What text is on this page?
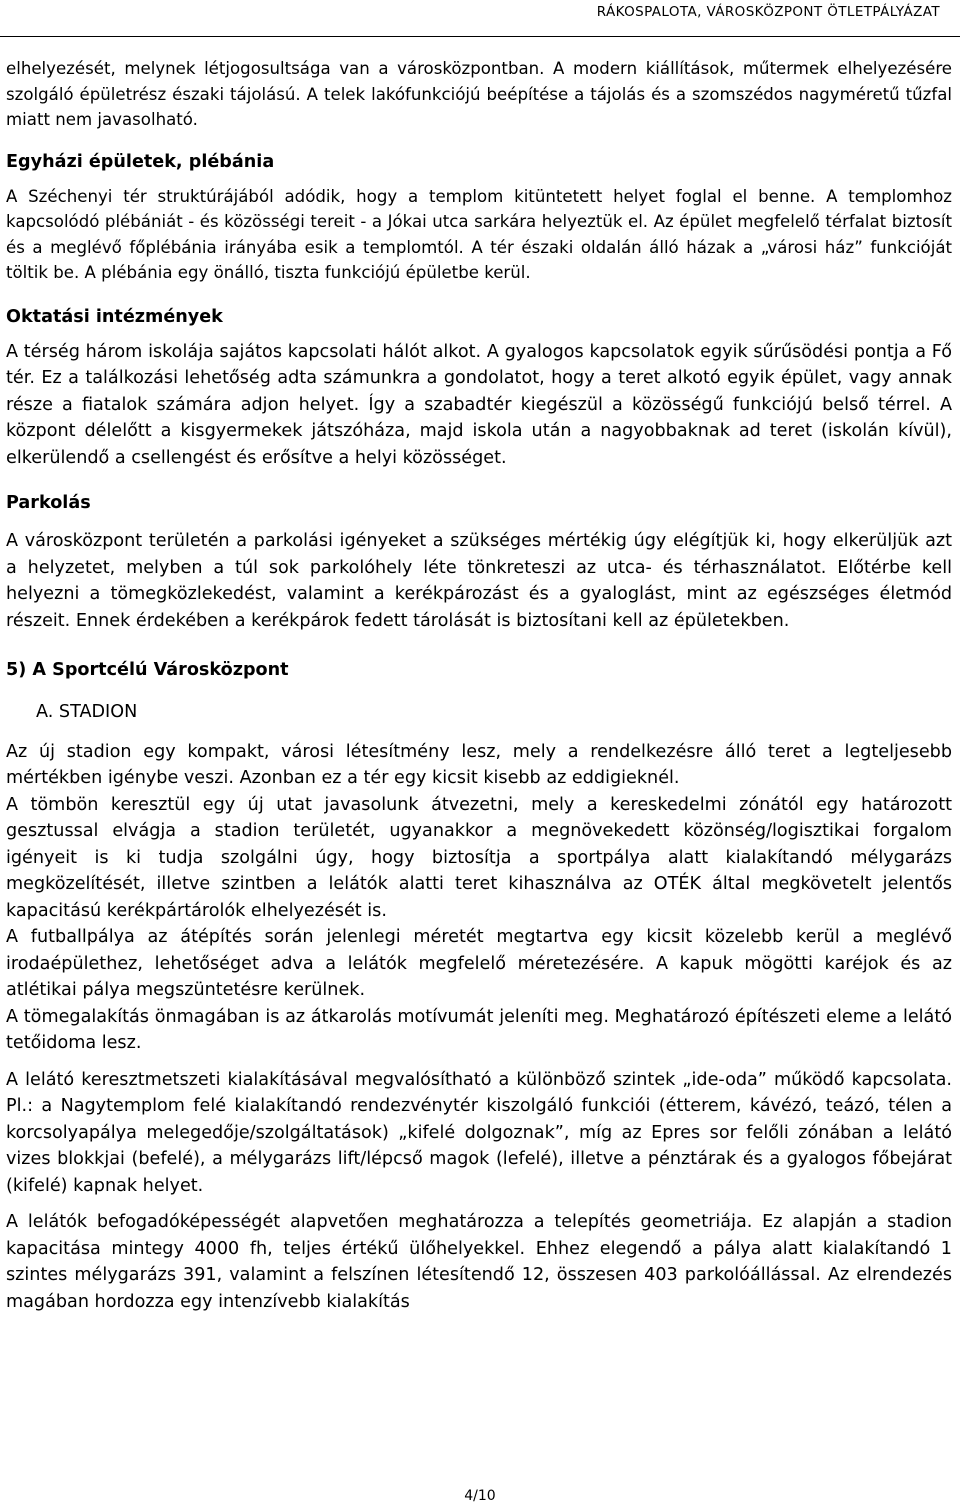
RÁKOSPALOTA, VÁROSKÖZPONT ÖTLETPÁLYÁZAT

elhelyezését, melynek létjogosultsága van a városközpontban. A modern kiállítások, műtermek elhelyezésére szolgáló épületrész északi tájolású. A telek lakófunkciójú beépítése a tájolás és a szomszédos nagyméretű tűzfal miatt nem javasolható.

Egyházi épületek, plébánia

A Széchenyi tér struktúrájából adódik, hogy a templom kitüntetett helyet foglal el benne. A templomhoz kapcsolódó plébániát - és közösségi tereit - a Jókai utca sarkára helyeztük el. Az épület megfelelő térfalat biztosít és a meglévő főplébánia irányába esik a templomtól. A tér északi oldalán álló házak a „városi ház” funkcióját töltik be. A plébánia egy önálló, tiszta funkciójú épületbe kerül.

Oktatási intézmények

A térség három iskolája sajátos kapcsolati hálót alkot. A gyalogos kapcsolatok egyik sűrűsödési pontja a Fő tér. Ez a találkozási lehetőség adta számunkra a gondolatot, hogy a teret alkotó egyik épület, vagy annak része a fiatalok számára adjon helyet. Így a szabadtér kiegészül a közösségű funkciójú belső térrel. A központ délelőtt a kisgyermekek játszóháza, majd iskola után a nagyobbaknak ad teret (iskolán kívül), elkerülendő a csellengést és erősítve a helyi közösséget.

Parkolás

A városközpont területén a parkolási igényeket a szükséges mértékig úgy elégítjük ki, hogy elkerüljük azt a helyzetet, melyben a túl sok parkolóhely léte tönkreteszi az utca- és térhasználatot. Előtérbe kell helyezni a tömegközlekedést, valamint a kerékpározást és a gyaloglást, mint az egészséges életmód részeit. Ennek érdekében a kerékpárok fedett tárolását is biztosítani kell az épületekben.

5) A Sportcélú Városközpont

A. STADION

Az új stadion egy kompakt, városi létesítmény lesz, mely a rendelkezésre álló teret a legteljesebb mértékben igénybe veszi. Azonban ez a tér egy kicsit kisebb az eddigieknél.

A tömbön keresztül egy új utat javasolunk átvezetni, mely a kereskedelmi zónától egy határozott gesztussal elvágja a stadion területét, ugyanakkor a megnövekedett közönség/logisztikai forgalom igényeit is ki tudja szolgálni úgy, hogy biztosítja a sportpálya alatt kialakítandó mélygarázs megközelítését, illetve szintben a lelátók alatti teret kihasználva az OTÉK által megkövetelt jelentős kapacitású kerékpártárolók elhelyezését is.

A futballpálya az átépítés során jelenlegi méretét megtartva egy kicsit közelebb kerül a meglévő irodaépülethez, lehetőséget adva a lelátók megfelelő méretezésére. A kapuk mögötti karéjok és az atlétikai pálya megszüntetésre kerülnek.

A tömegalakítás önmagában is az átkarolás motívumát jeleníti meg. Meghatározó építészeti eleme a lelátó tetőidoma lesz.

A lelátó keresztmetszeti kialakításával megvalósítható a különböző szintek „ide-oda” működő kapcsolata. Pl.: a Nagytemplom felé kialakítandó rendezvénytér kiszolgáló funkciói (étterem, kávézó, teázó, télen a korcsolyapálya melegedője/szolgáltatások) „kifelé dolgoznak”, míg az Epres sor felőli zónában a lelátó vizes blokkjai (befelé), a mélygarázs lift/lépcső magok (lefelé), illetve a pénztárak és a gyalogos főbejárat (kifelé) kapnak helyet.

A lelátók befogadóképességét alapvetően meghatározza a telepítés geometriája. Ez alapján a stadion kapacitása mintegy 4000 fh, teljes értékű ülőhelyekkel. Ehhez elegendő a pálya alatt kialakítandó 1 szintes mélygarázs 391, valamint a felszínen létesítendő 12, összesen 403 parkolóállással. Az elrendezés magában hordozza egy intenzívebb kialakítás

4/10
